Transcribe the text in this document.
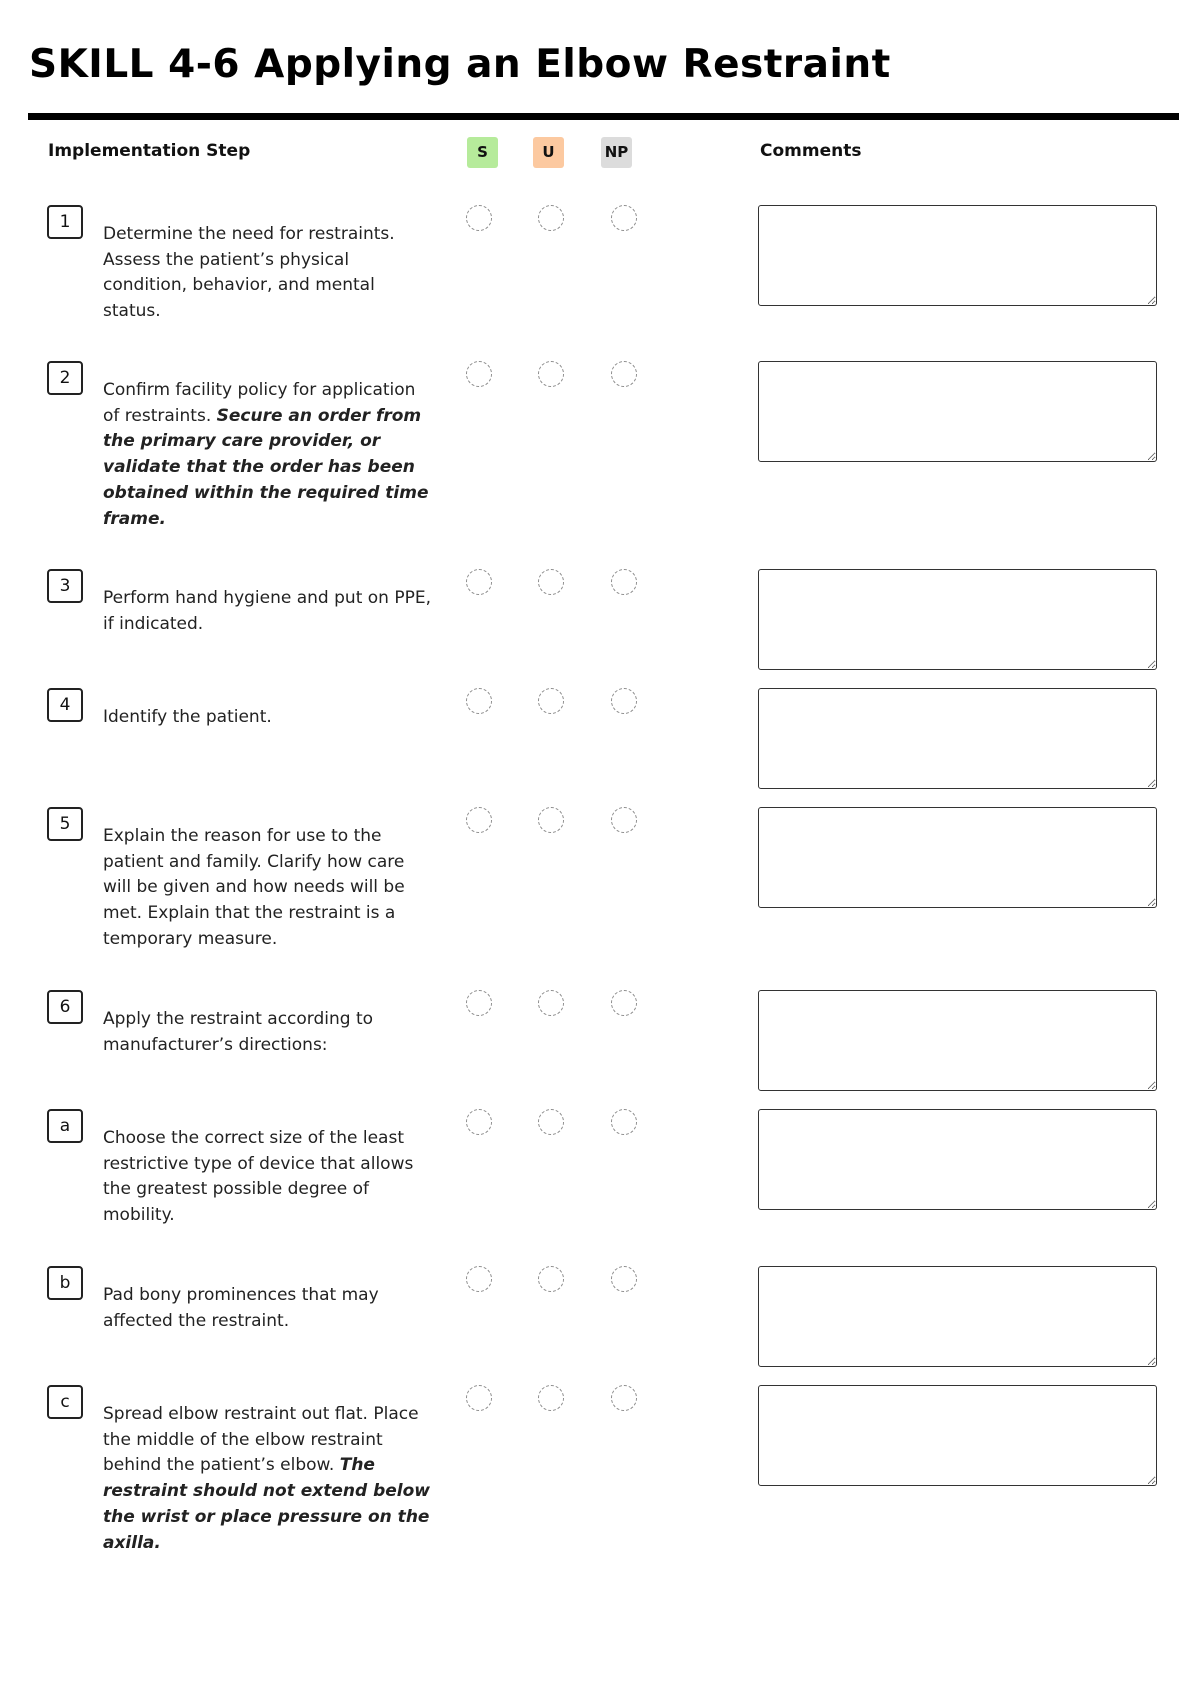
SKILL 4-6 Applying an Elbow Restraint
Implementation Step	S	U	NP	Comments
1
Determine the need for restraints. Assess the patient’s physical condition, behavior, and mental status.
2
Confirm facility policy for application of restraints. Secure an order from the primary care provider, or validate that the order has been obtained within the required time frame.
3
Perform hand hygiene and put on PPE, if indicated.
4
Identify the patient.
5
Explain the reason for use to the patient and family. Clarify how care will be given and how needs will be met. Explain that the restraint is a temporary measure.
6
Apply the restraint according to manufacturer’s directions:
a
Choose the correct size of the least restrictive type of device that allows the greatest possible degree of mobility.
b
Pad bony prominences that may affected the restraint.
c
Spread elbow restraint out flat. Place the middle of the elbow restraint behind the patient’s elbow. The restraint should not extend below the wrist or place pressure on the axilla.
